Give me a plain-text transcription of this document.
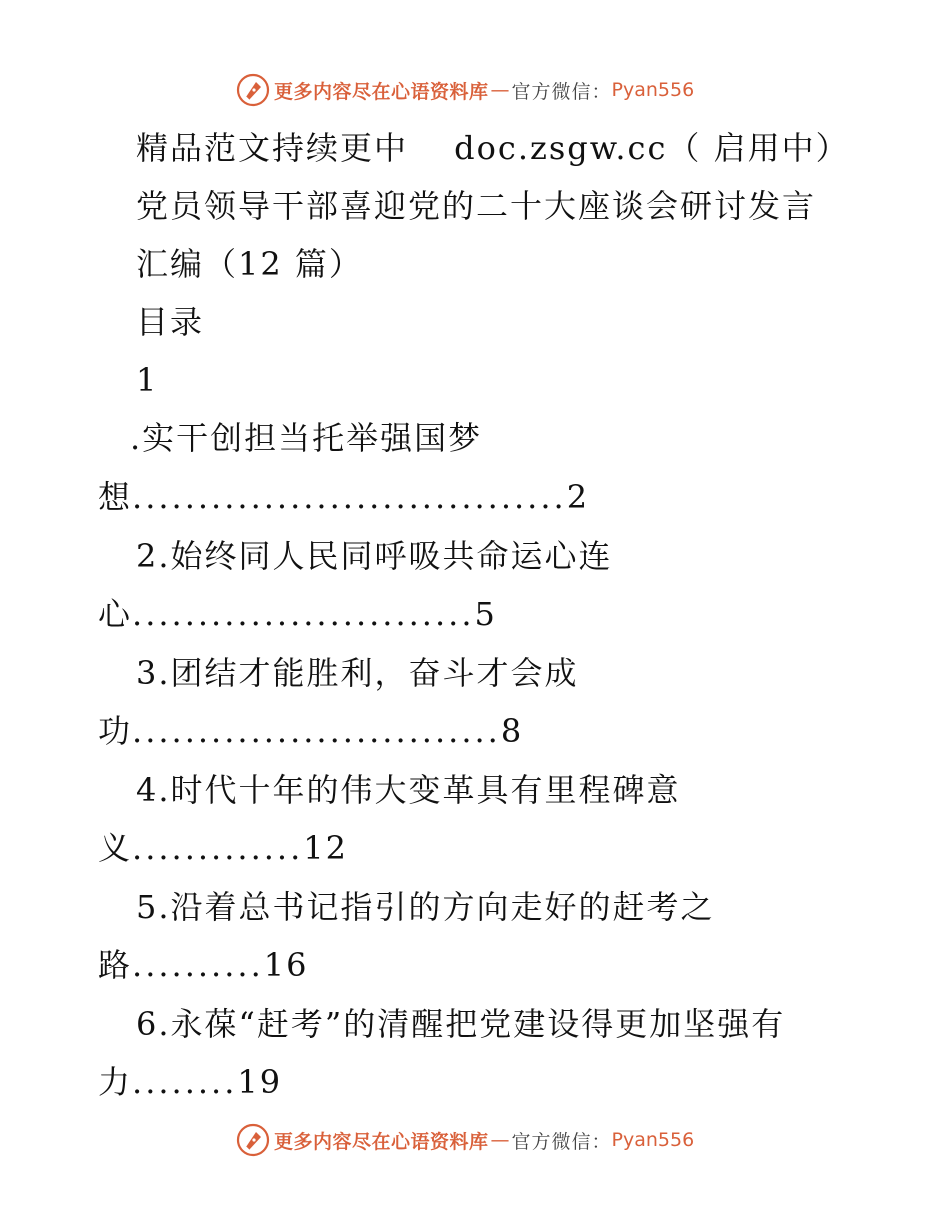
更多内容尽在心语资料库 — 官方微信： Pyan556
精品范文持续更中　 doc.zsgw.cc（ 启用中）
党员领导干部喜迎党的二十大座谈会研讨发言
汇编（12 篇）
目录
1
.实干创担当托举强国梦
想.................................2
2.始终同人民同呼吸共命运心连
心..........................5
3.团结才能胜利，奋斗才会成
功............................8
4.时代十年的伟大变革具有里程碑意
义.............12
5.沿着总书记指引的方向走好的赶考之
路..........16
6.永葆“赶考”的清醒把党建设得更加坚强有
力........19
更多内容尽在心语资料库 — 官方微信： Pyan556
